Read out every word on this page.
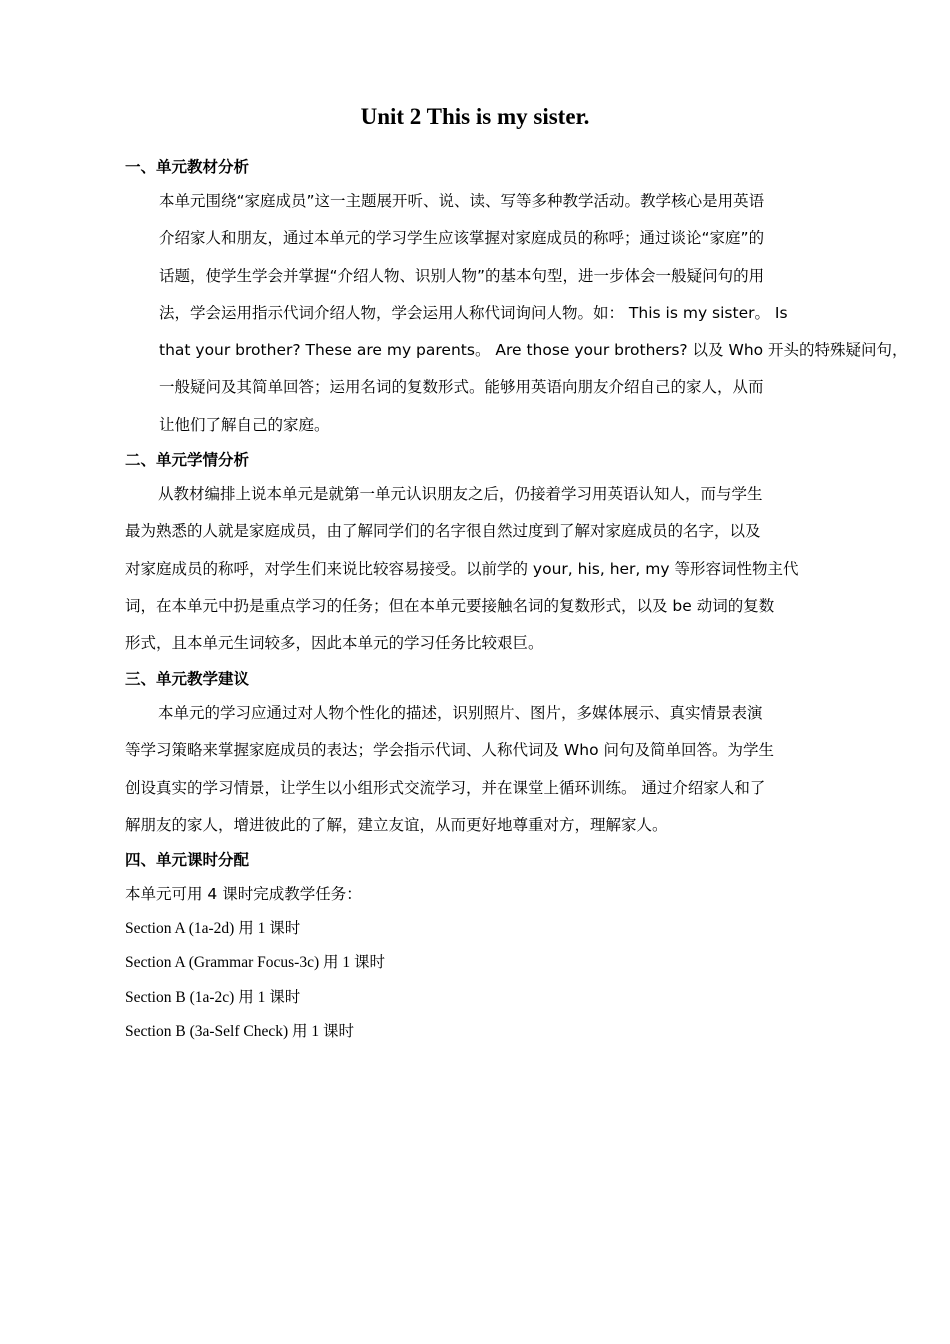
Unit 2 This is my sister.
一、单元教材分析
本单元围绕“家庭成员”这一主题展开听、说、读、写等多种教学活动。教学核心是用英语
介绍家人和朋友，通过本单元的学习学生应该掌握对家庭成员的称呼；通过谈论“家庭”的
话题，使学生学会并掌握“介绍人物、识别人物”的基本句型，进一步体会一般疑问句的用
法，学会运用指示代词介绍人物，学会运用人称代词询问人物。如： This is my sister。 Is
that your brother? These are my parents。 Are those your brothers? 以及 Who 开头的特殊疑问句，
一般疑问及其简单回答；运用名词的复数形式。能够用英语向朋友介绍自己的家人，从而
让他们了解自己的家庭。
二、单元学情分析
从教材编排上说本单元是就第一单元认识朋友之后，仍接着学习用英语认知人，而与学生
最为熟悉的人就是家庭成员，由了解同学们的名字很自然过度到了解对家庭成员的名字，以及
对家庭成员的称呼，对学生们来说比较容易接受。以前学的 your, his, her, my 等形容词性物主代
词，在本单元中扔是重点学习的任务；但在本单元要接触名词的复数形式，以及 be 动词的复数
形式，且本单元生词较多，因此本单元的学习任务比较艰巨。
三、单元教学建议
本单元的学习应通过对人物个性化的描述，识别照片、图片，多媒体展示、真实情景表演
等学习策略来掌握家庭成员的表达；学会指示代词、人称代词及 Who 问句及简单回答。为学生
创设真实的学习情景，让学生以小组形式交流学习，并在课堂上循环训练。 通过介绍家人和了
解朋友的家人，增进彼此的了解，建立友谊，从而更好地尊重对方，理解家人。
四、单元课时分配
本单元可用 4 课时完成教学任务：
Section A (1a-2d) 用 1 课时
Section A (Grammar Focus-3c) 用 1 课时
Section B (1a-2c) 用 1 课时
Section B (3a-Self Check) 用 1 课时
